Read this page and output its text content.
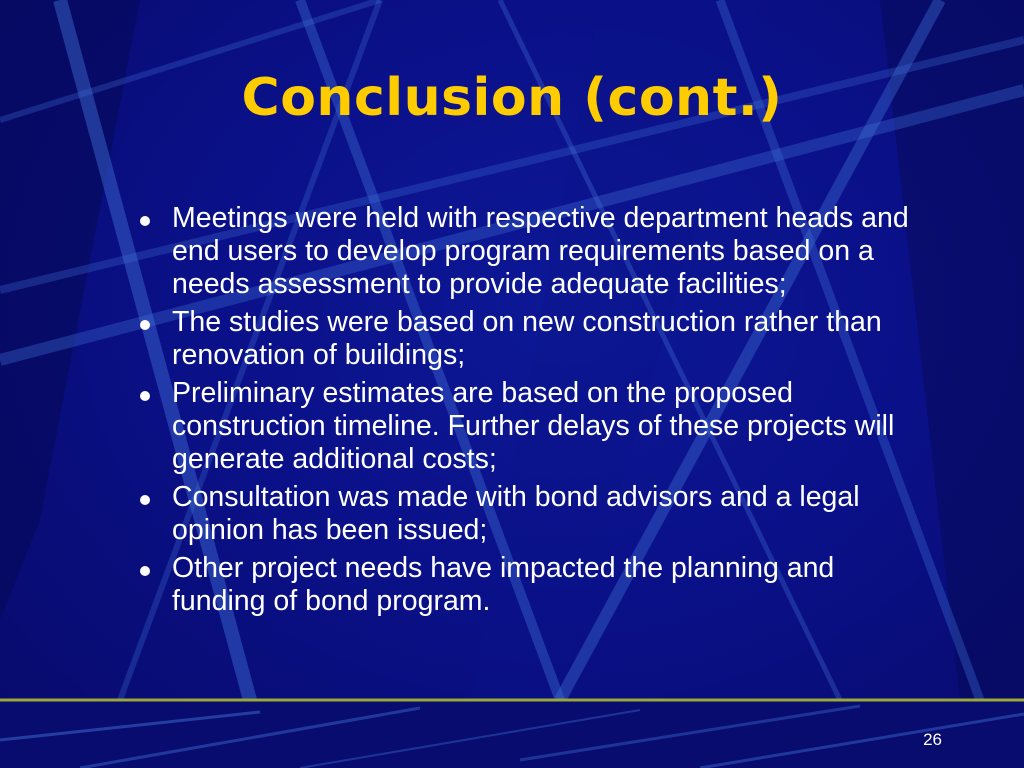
Conclusion (cont.)
Meetings were held with respective department heads and end users to develop program requirements based on a needs assessment to provide adequate facilities;
The studies were based on new construction rather than renovation of buildings;
Preliminary estimates are based on the proposed construction timeline. Further delays of these projects will generate additional costs;
Consultation was made with bond advisors and a legal opinion has been issued;
Other project needs have impacted the planning and funding of bond program.
26
